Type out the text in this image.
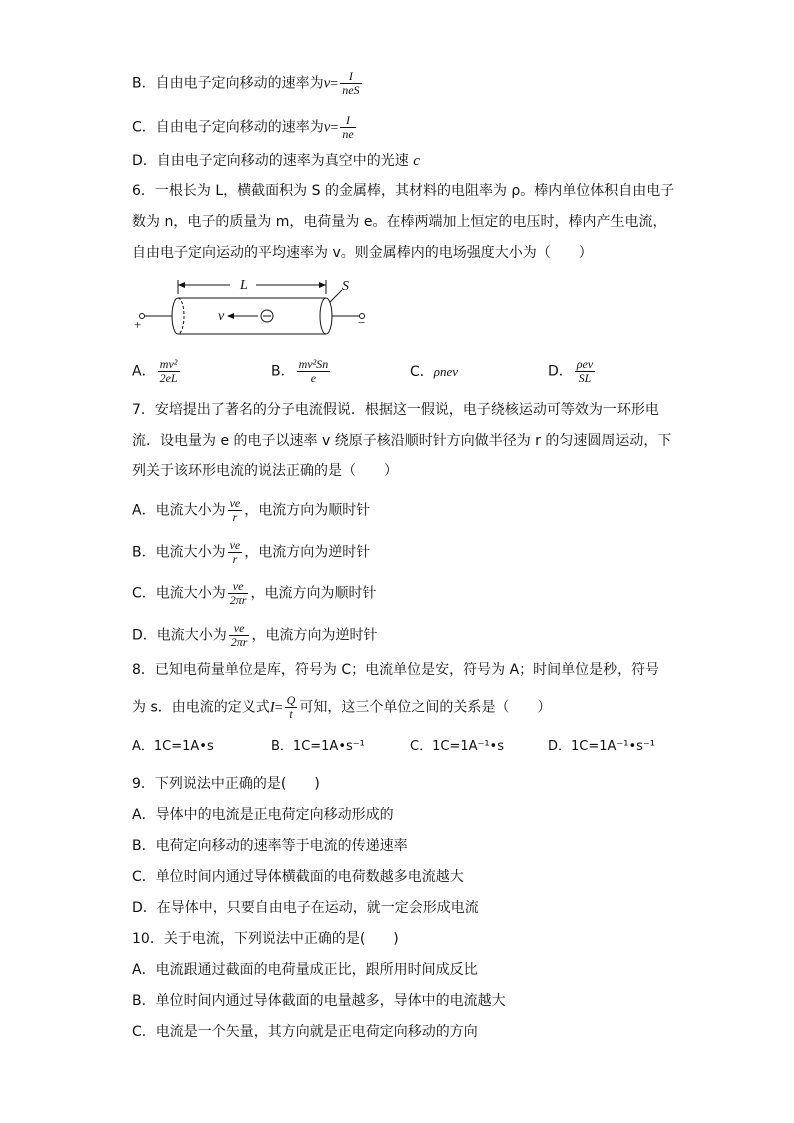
B．自由电子定向移动的速率为$v= \frac{I}{\text{neS}}$
C．自由电子定向移动的速率为$v= \frac{I}{ne}$
D．自由电子定向移动的速率为真空中的光速 c
6．一根长为 L，横截面积为 S 的金属棒，其材料的电阻率为 ρ。棒内单位体积自由电子
数为 n，电子的质量为 m，电荷量为 e。在棒两端加上恒定的电压时，棒内产生电流，
自由电子定向运动的平均速率为 v。则金属棒内的电场强度大小为（　　）
L	S
+	−
v
A． $\frac{\text{mv²}}{2eL}$	B． $\frac{\text{mv²Sn}}{e}$	C．ρnev	D． $\frac{\text{ρev}}{SL}$
7．安培提出了著名的分子电流假说．根据这一假说，电子绕核运动可等效为一环形电
流．设电量为 e 的电子以速率 v 绕原子核沿顺时针方向做半径为 r 的匀速圆周运动，下
列关于该环形电流的说法正确的是（　　）
A．电流大小为 $\frac{ve}{r}$ ，电流方向为顺时针
B．电流大小为 $\frac{ve}{r}$ ，电流方向为逆时针
C．电流大小为 $\frac{ve}{2\pi r}$ ，电流方向为顺时针
D．电流大小为 $\frac{ve}{2\pi r}$ ，电流方向为逆时针
8．已知电荷量单位是库，符号为 C；电流单位是安，符号为 A；时间单位是秒，符号
为 s．由电流的定义式$I= \frac{Q}{t}$ 可知，这三个单位之间的关系是（　　）
A．1C=1A•s	B．1C=1A•s⁻¹	C．1C=1A⁻¹•s	D．1C=1A⁻¹•s⁻¹
9．下列说法中正确的是(　　)
A．导体中的电流是正电荷定向移动形成的
B．电荷定向移动的速率等于电流的传递速率
C．单位时间内通过导体横截面的电荷数越多电流越大
D．在导体中，只要自由电子在运动，就一定会形成电流
10．关于电流，下列说法中正确的是(　　)
A．电流跟通过截面的电荷量成正比，跟所用时间成反比
B．单位时间内通过导体截面的电量越多，导体中的电流越大
C．电流是一个矢量，其方向就是正电荷定向移动的方向
